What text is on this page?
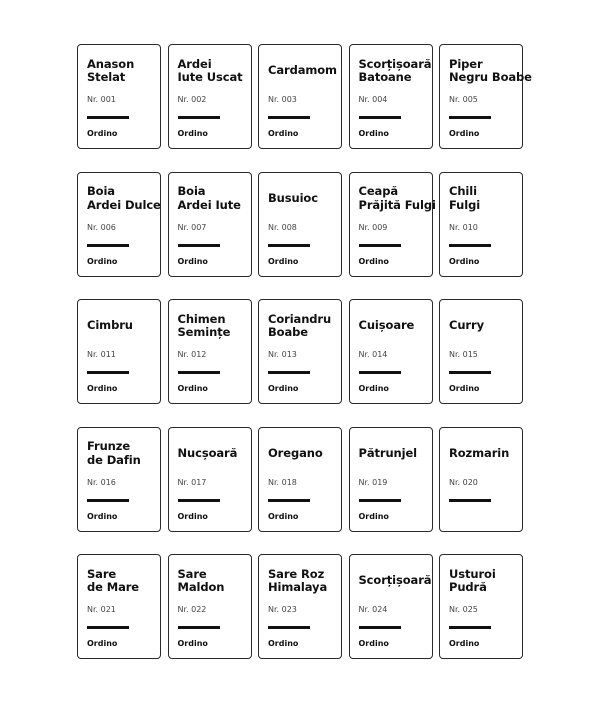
Anason
Stelat
Nr. 001
Ordino
Ardei
Iute Uscat
Nr. 002
Ordino
Cardamom
Nr. 003
Ordino
Scorțișoară
Batoane
Nr. 004
Ordino
Piper
Negru Boabe
Nr. 005
Ordino
Boia
Ardei Dulce
Nr. 006
Ordino
Boia
Ardei Iute
Nr. 007
Ordino
Busuioc
Nr. 008
Ordino
Ceapă
Prăjită Fulgi
Nr. 009
Ordino
Chili
Fulgi
Nr. 010
Ordino
Cimbru
Nr. 011
Ordino
Chimen
Semințe
Nr. 012
Ordino
Coriandru
Boabe
Nr. 013
Ordino
Cuișoare
Nr. 014
Ordino
Curry
Nr. 015
Ordino
Frunze
de Dafin
Nr. 016
Ordino
Nucșoară
Nr. 017
Ordino
Oregano
Nr. 018
Ordino
Pătrunjel
Nr. 019
Ordino
Rozmarin
Nr. 020
Sare
de Mare
Nr. 021
Ordino
Sare
Maldon
Nr. 022
Ordino
Sare Roz
Himalaya
Nr. 023
Ordino
Scorțișoară
Nr. 024
Ordino
Usturoi
Pudră
Nr. 025
Ordino
